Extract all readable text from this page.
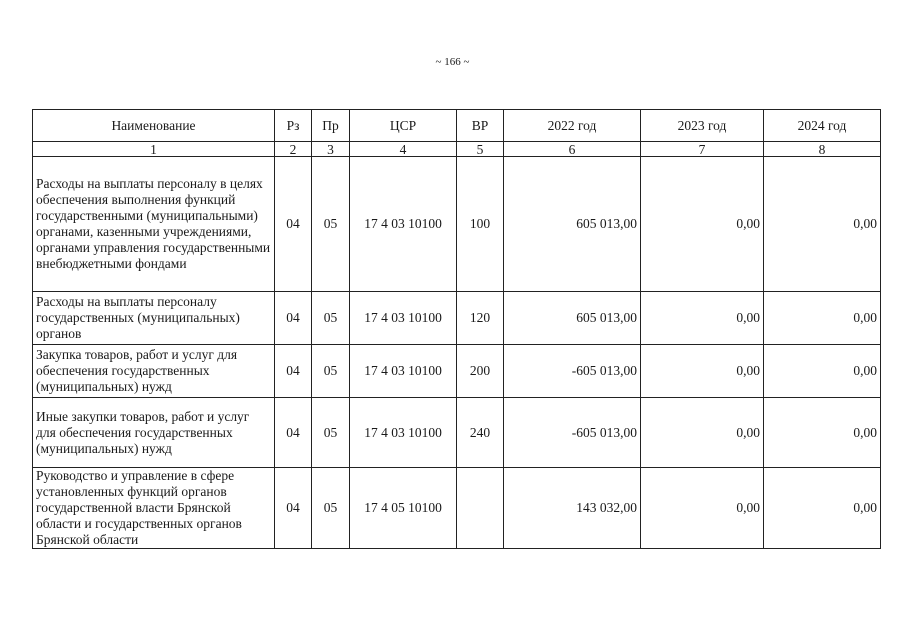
~ 166 ~
Наименование	Рз	Пр	ЦСР	ВР	2022 год	2023 год	2024 год
1	2	3	4	5	6	7	8
Расходы на выплаты персоналу в целях обеспечения выполнения функций государственными (муниципальными) органами, казенными учреждениями, органами управления государственными внебюджетными фондами	04	05	17 4 03 10100	100	605 013,00	0,00	0,00
Расходы на выплаты персоналу государственных (муниципальных) органов	04	05	17 4 03 10100	120	605 013,00	0,00	0,00
Закупка товаров, работ и услуг для обеспечения государственных (муниципальных) нужд	04	05	17 4 03 10100	200	-605 013,00	0,00	0,00
Иные закупки товаров, работ и услуг для обеспечения государственных (муниципальных) нужд	04	05	17 4 03 10100	240	-605 013,00	0,00	0,00
Руководство и управление в сфере установленных функций органов государственной власти Брянской области и государственных органов Брянской области	04	05	17 4 05 10100		143 032,00	0,00	0,00
